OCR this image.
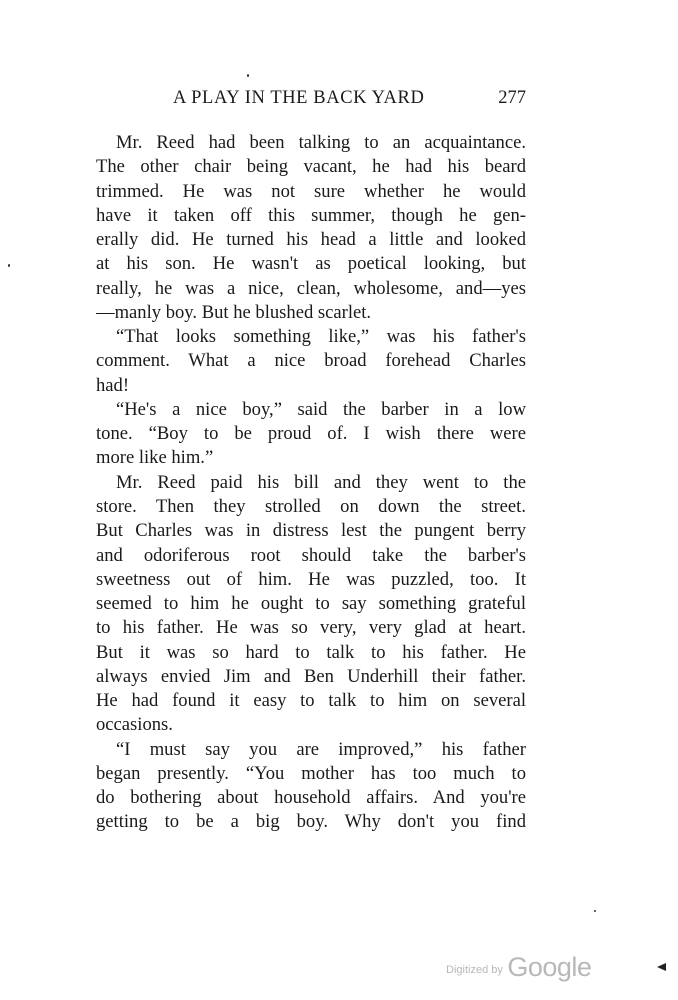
A PLAY IN THE BACK YARD	277
Mr. Reed had been talking to an acquaintance.
The other chair being vacant, he had his beard
trimmed. He was not sure whether he would
have it taken off this summer, though he gen-
erally did. He turned his head a little and looked
at his son. He wasn't as poetical looking, but
really, he was a nice, clean, wholesome, and—yes
—manly boy. But he blushed scarlet.
“That looks something like,” was his father's
comment. What a nice broad forehead Charles
had!
“He's a nice boy,” said the barber in a low
tone. “Boy to be proud of. I wish there were
more like him.”
Mr. Reed paid his bill and they went to the
store. Then they strolled on down the street.
But Charles was in distress lest the pungent berry
and odoriferous root should take the barber's
sweetness out of him. He was puzzled, too. It
seemed to him he ought to say something grateful
to his father. He was so very, very glad at heart.
But it was so hard to talk to his father. He
always envied Jim and Ben Underhill their father.
He had found it easy to talk to him on several
occasions.
“I must say you are improved,” his father
began presently. “You mother has too much to
do bothering about household affairs. And you're
getting to be a big boy. Why don't you find
Digitized by Google
